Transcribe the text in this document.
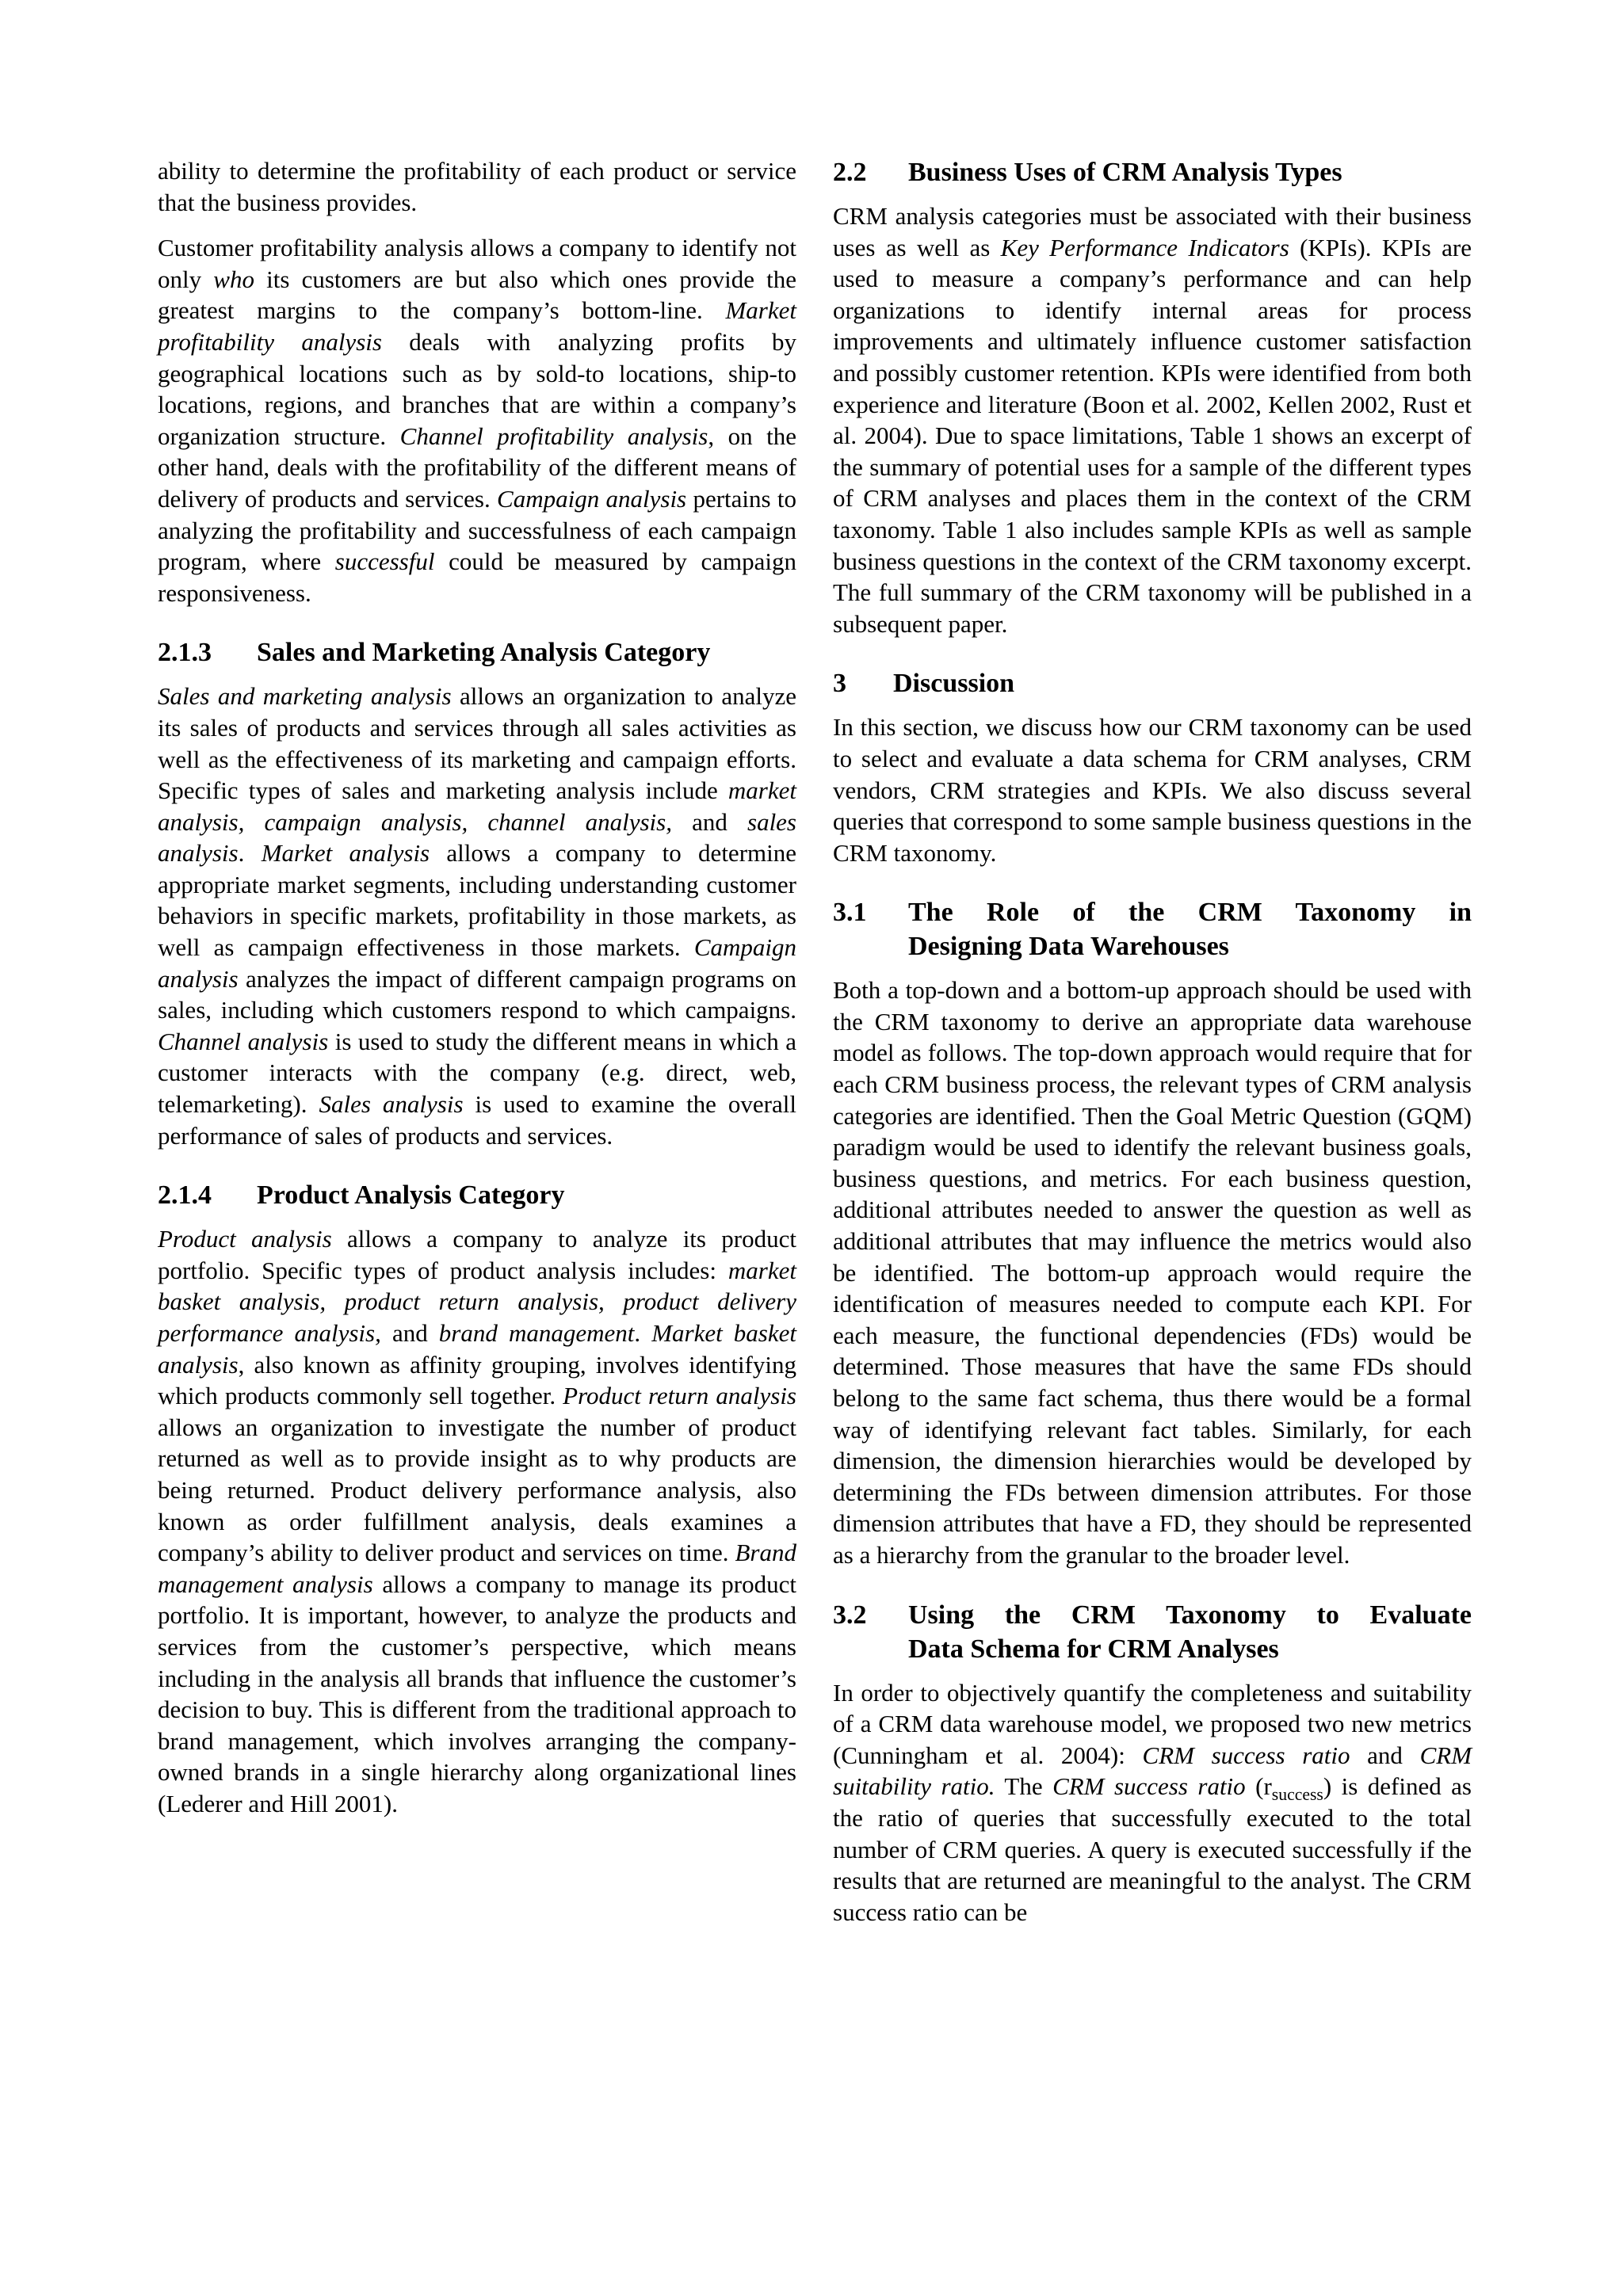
ability to determine the profitability of each product or service that the business provides.

Customer profitability analysis allows a company to identify not only who its customers are but also which ones provide the greatest margins to the company’s bottom-line. Market profitability analysis deals with analyzing profits by geographical locations such as by sold-to locations, ship-to locations, regions, and branches that are within a company’s organization structure. Channel profitability analysis, on the other hand, deals with the profitability of the different means of delivery of products and services. Campaign analysis pertains to analyzing the profitability and successfulness of each campaign program, where successful could be measured by campaign responsiveness.

2.1.3	Sales and Marketing Analysis Category

Sales and marketing analysis allows an organization to analyze its sales of products and services through all sales activities as well as the effectiveness of its marketing and campaign efforts. Specific types of sales and marketing analysis include market analysis, campaign analysis, channel analysis, and sales analysis. Market analysis allows a company to determine appropriate market segments, including understanding customer behaviors in specific markets, profitability in those markets, as well as campaign effectiveness in those markets. Campaign analysis analyzes the impact of different campaign programs on sales, including which customers respond to which campaigns. Channel analysis is used to study the different means in which a customer interacts with the company (e.g. direct, web, telemarketing). Sales analysis is used to examine the overall performance of sales of products and services.

2.1.4	Product Analysis Category

Product analysis allows a company to analyze its product portfolio. Specific types of product analysis includes: market basket analysis, product return analysis, product delivery performance analysis, and brand management. Market basket analysis, also known as affinity grouping, involves identifying which products commonly sell together. Product return analysis allows an organization to investigate the number of product returned as well as to provide insight as to why products are being returned. Product delivery performance analysis, also known as order fulfillment analysis, deals examines a company’s ability to deliver product and services on time. Brand management analysis allows a company to manage its product portfolio. It is important, however, to analyze the products and services from the customer’s perspective, which means including in the analysis all brands that influence the customer’s decision to buy. This is different from the traditional approach to brand management, which involves arranging the company-owned brands in a single hierarchy along organizational lines (Lederer and Hill 2001).

2.2	Business Uses of CRM Analysis Types

CRM analysis categories must be associated with their business uses as well as Key Performance Indicators (KPIs). KPIs are used to measure a company’s performance and can help organizations to identify internal areas for process improvements and ultimately influence customer satisfaction and possibly customer retention. KPIs were identified from both experience and literature (Boon et al. 2002, Kellen 2002, Rust et al. 2004). Due to space limitations, Table 1 shows an excerpt of the summary of potential uses for a sample of the different types of CRM analyses and places them in the context of the CRM taxonomy. Table 1 also includes sample KPIs as well as sample business questions in the context of the CRM taxonomy excerpt. The full summary of the CRM taxonomy will be published in a subsequent paper.

3	Discussion

In this section, we discuss how our CRM taxonomy can be used to select and evaluate a data schema for CRM analyses, CRM vendors, CRM strategies and KPIs. We also discuss several queries that correspond to some sample business questions in the CRM taxonomy.

3.1	The Role of the CRM Taxonomy in
Designing Data Warehouses

Both a top-down and a bottom-up approach should be used with the CRM taxonomy to derive an appropriate data warehouse model as follows. The top-down approach would require that for each CRM business process, the relevant types of CRM analysis categories are identified. Then the Goal Metric Question (GQM) paradigm would be used to identify the relevant business goals, business questions, and metrics. For each business question, additional attributes needed to answer the question as well as additional attributes that may influence the metrics would also be identified. The bottom-up approach would require the identification of measures needed to compute each KPI. For each measure, the functional dependencies (FDs) would be determined. Those measures that have the same FDs should belong to the same fact schema, thus there would be a formal way of identifying relevant fact tables. Similarly, for each dimension, the dimension hierarchies would be developed by determining the FDs between dimension attributes. For those dimension attributes that have a FD, they should be represented as a hierarchy from the granular to the broader level.

3.2	Using the CRM Taxonomy to Evaluate
Data Schema for CRM Analyses

In order to objectively quantify the completeness and suitability of a CRM data warehouse model, we proposed two new metrics (Cunningham et al. 2004): CRM success ratio and CRM suitability ratio. The CRM success ratio $(r_{success})$ is defined as the ratio of queries that successfully executed to the total number of CRM queries. A query is executed successfully if the results that are returned are meaningful to the analyst. The CRM success ratio can be
